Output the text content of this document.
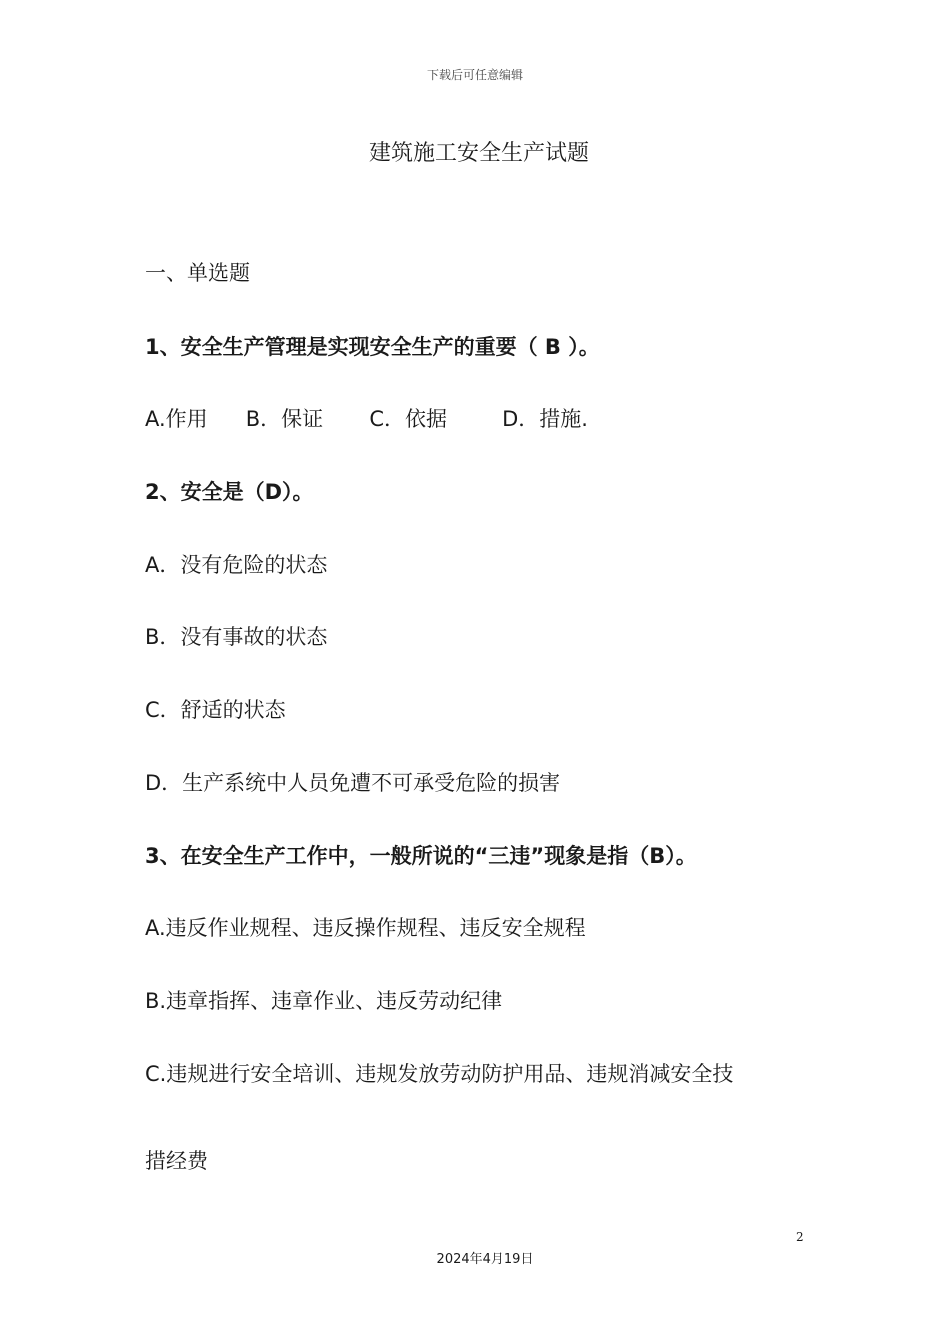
下载后可任意编辑
建筑施工安全生产试题
一、单选题
1、安全生产管理是实现安全生产的重要（ B ）。
A.作用 B．保证 C．依据	D．措施.
2、安全是（D）。
A．没有危险的状态
B．没有事故的状态
C．舒适的状态
D．生产系统中人员免遭不可承受危险的损害
3、在安全生产工作中，一般所说的“三违”现象是指（B）。
A.违反作业规程、违反操作规程、违反安全规程
B.违章指挥、违章作业、违反劳动纪律
C.违规进行安全培训、违规发放劳动防护用品、违规消减安全技
措经费
2
2024年4月19日
